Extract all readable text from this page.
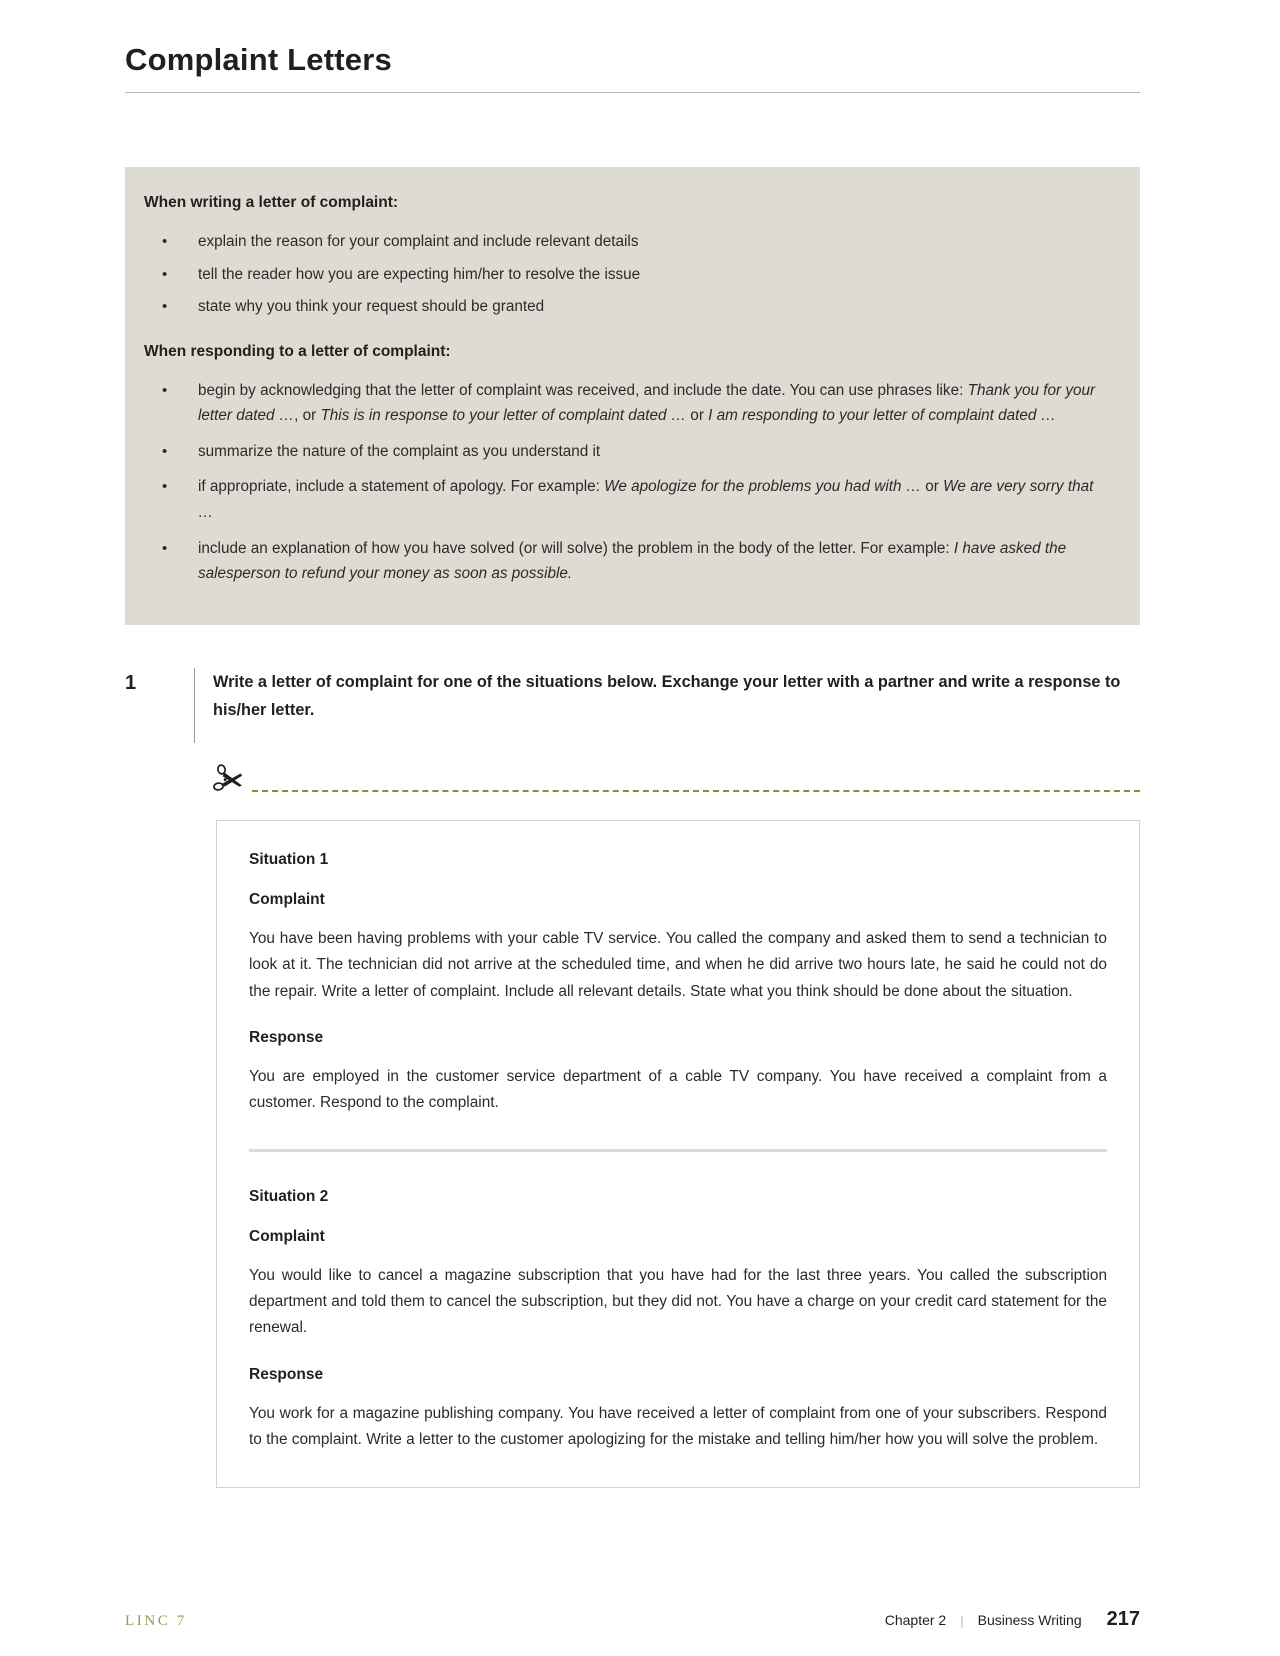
Complaint Letters

When writing a letter of complaint:

• explain the reason for your complaint and include relevant details
• tell the reader how you are expecting him/her to resolve the issue
• state why you think your request should be granted

When responding to a letter of complaint:

• begin by acknowledging that the letter of complaint was received, and include the date. You can use phrases like: Thank you for your letter dated …, or This is in response to your letter of complaint dated … or I am responding to your letter of complaint dated …
• summarize the nature of the complaint as you understand it
• if appropriate, include a statement of apology. For example: We apologize for the problems you had with … or We are very sorry that …
• include an explanation of how you have solved (or will solve) the problem in the body of the letter. For example: I have asked the salesperson to refund your money as soon as possible.
1	Write a letter of complaint for one of the situations below. Exchange your letter with a partner and write a response to his/her letter.

Situation 1

Complaint

You have been having problems with your cable TV service. You called the company and asked them to send a technician to look at it. The technician did not arrive at the scheduled time, and when he did arrive two hours late, he said he could not do the repair. Write a letter of complaint. Include all relevant details. State what you think should be done about the situation.

Response

You are employed in the customer service department of a cable TV company. You have received a complaint from a customer. Respond to the complaint.

Situation 2

Complaint

You would like to cancel a magazine subscription that you have had for the last three years. You called the subscription department and told them to cancel the subscription, but they did not. You have a charge on your credit card statement for the renewal.

Response

You work for a magazine publishing company. You have received a letter of complaint from one of your subscribers. Respond to the complaint. Write a letter to the customer apologizing for the mistake and telling him/her how you will solve the problem.

LINC 7	Chapter 2 | Business Writing 217
